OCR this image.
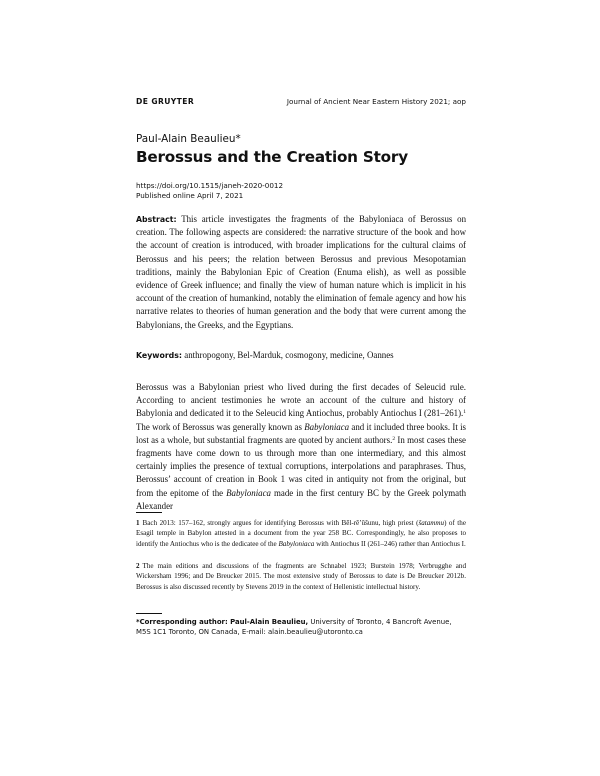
DE GRUYTER	Journal of Ancient Near Eastern History 2021; aop
Paul-Alain Beaulieu*
Berossus and the Creation Story
https://doi.org/10.1515/janeh-2020-0012
Published online April 7, 2021

Abstract: This article investigates the fragments of the Babyloniaca of Berossus on creation. The following aspects are considered: the narrative structure of the book and how the account of creation is introduced, with broader implications for the cultural claims of Berossus and his peers; the relation between Berossus and previous Mesopotamian traditions, mainly the Babylonian Epic of Creation (Enuma elish), as well as possible evidence of Greek influence; and finally the view of human nature which is implicit in his account of the creation of humankind, notably the elimination of female agency and how his narrative relates to theories of human generation and the body that were current among the Babylonians, the Greeks, and the Egyptians.

Keywords: anthropogony, Bel-Marduk, cosmogony, medicine, Oannes

Berossus was a Babylonian priest who lived during the first decades of Seleucid rule. According to ancient testimonies he wrote an account of the culture and history of Babylonia and dedicated it to the Seleucid king Antiochus, probably Antiochus I (281–261).$^1$ The work of Berossus was generally known as Babyloniaca and it included three books. It is lost as a whole, but substantial fragments are quoted by ancient authors.$^2$ In most cases these fragments have come down to us through more than one intermediary, and this almost certainly implies the presence of textual corruptions, interpolations and paraphrases. Thus, Berossus’ account of creation in Book 1 was cited in antiquity not from the original, but from the epitome of the Babyloniaca made in the first century BC by the Greek polymath Alexander

1 Bach 2013: 157–162, strongly argues for identifying Berossus with Bēl-rē’ûšunu, high priest (šatammu) of the Esagil temple in Babylon attested in a document from the year 258 BC. Correspondingly, he also proposes to identify the Antiochus who is the dedicatee of the Babyloniaca with Antiochus II (261–246) rather than Antiochus I.

2 The main editions and discussions of the fragments are Schnabel 1923; Burstein 1978; Verbrugghe and Wickersham 1996; and De Breucker 2015. The most extensive study of Berossus to date is De Breucker 2012b. Berossus is also discussed recently by Stevens 2019 in the context of Hellenistic intellectual history.

*Corresponding author: Paul-Alain Beaulieu, University of Toronto, 4 Bancroft Avenue, M5S 1C1 Toronto, ON Canada, E-mail: alain.beaulieu@utoronto.ca
